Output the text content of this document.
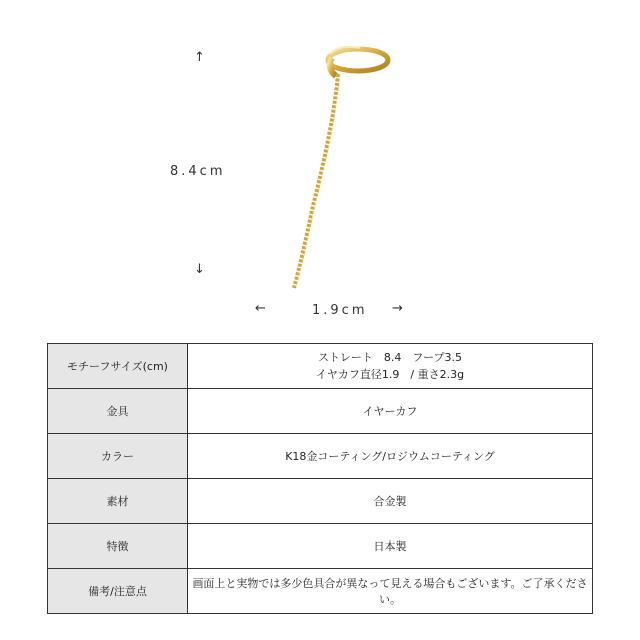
↑
8.4cm
↓
←	1.9cm →
モチーフサイズ(cm)	ストレート　8.4　フープ3.5
イヤカフ直径1.9　/ 重さ2.3g

金具	イヤーカフ
カラー	K18金コーティング/ロジウムコーティング
素材	合金製
特徴	日本製
備考/注意点	画面上と実物では多少色具合が異なって見える場合もございます。ご了承ください。
